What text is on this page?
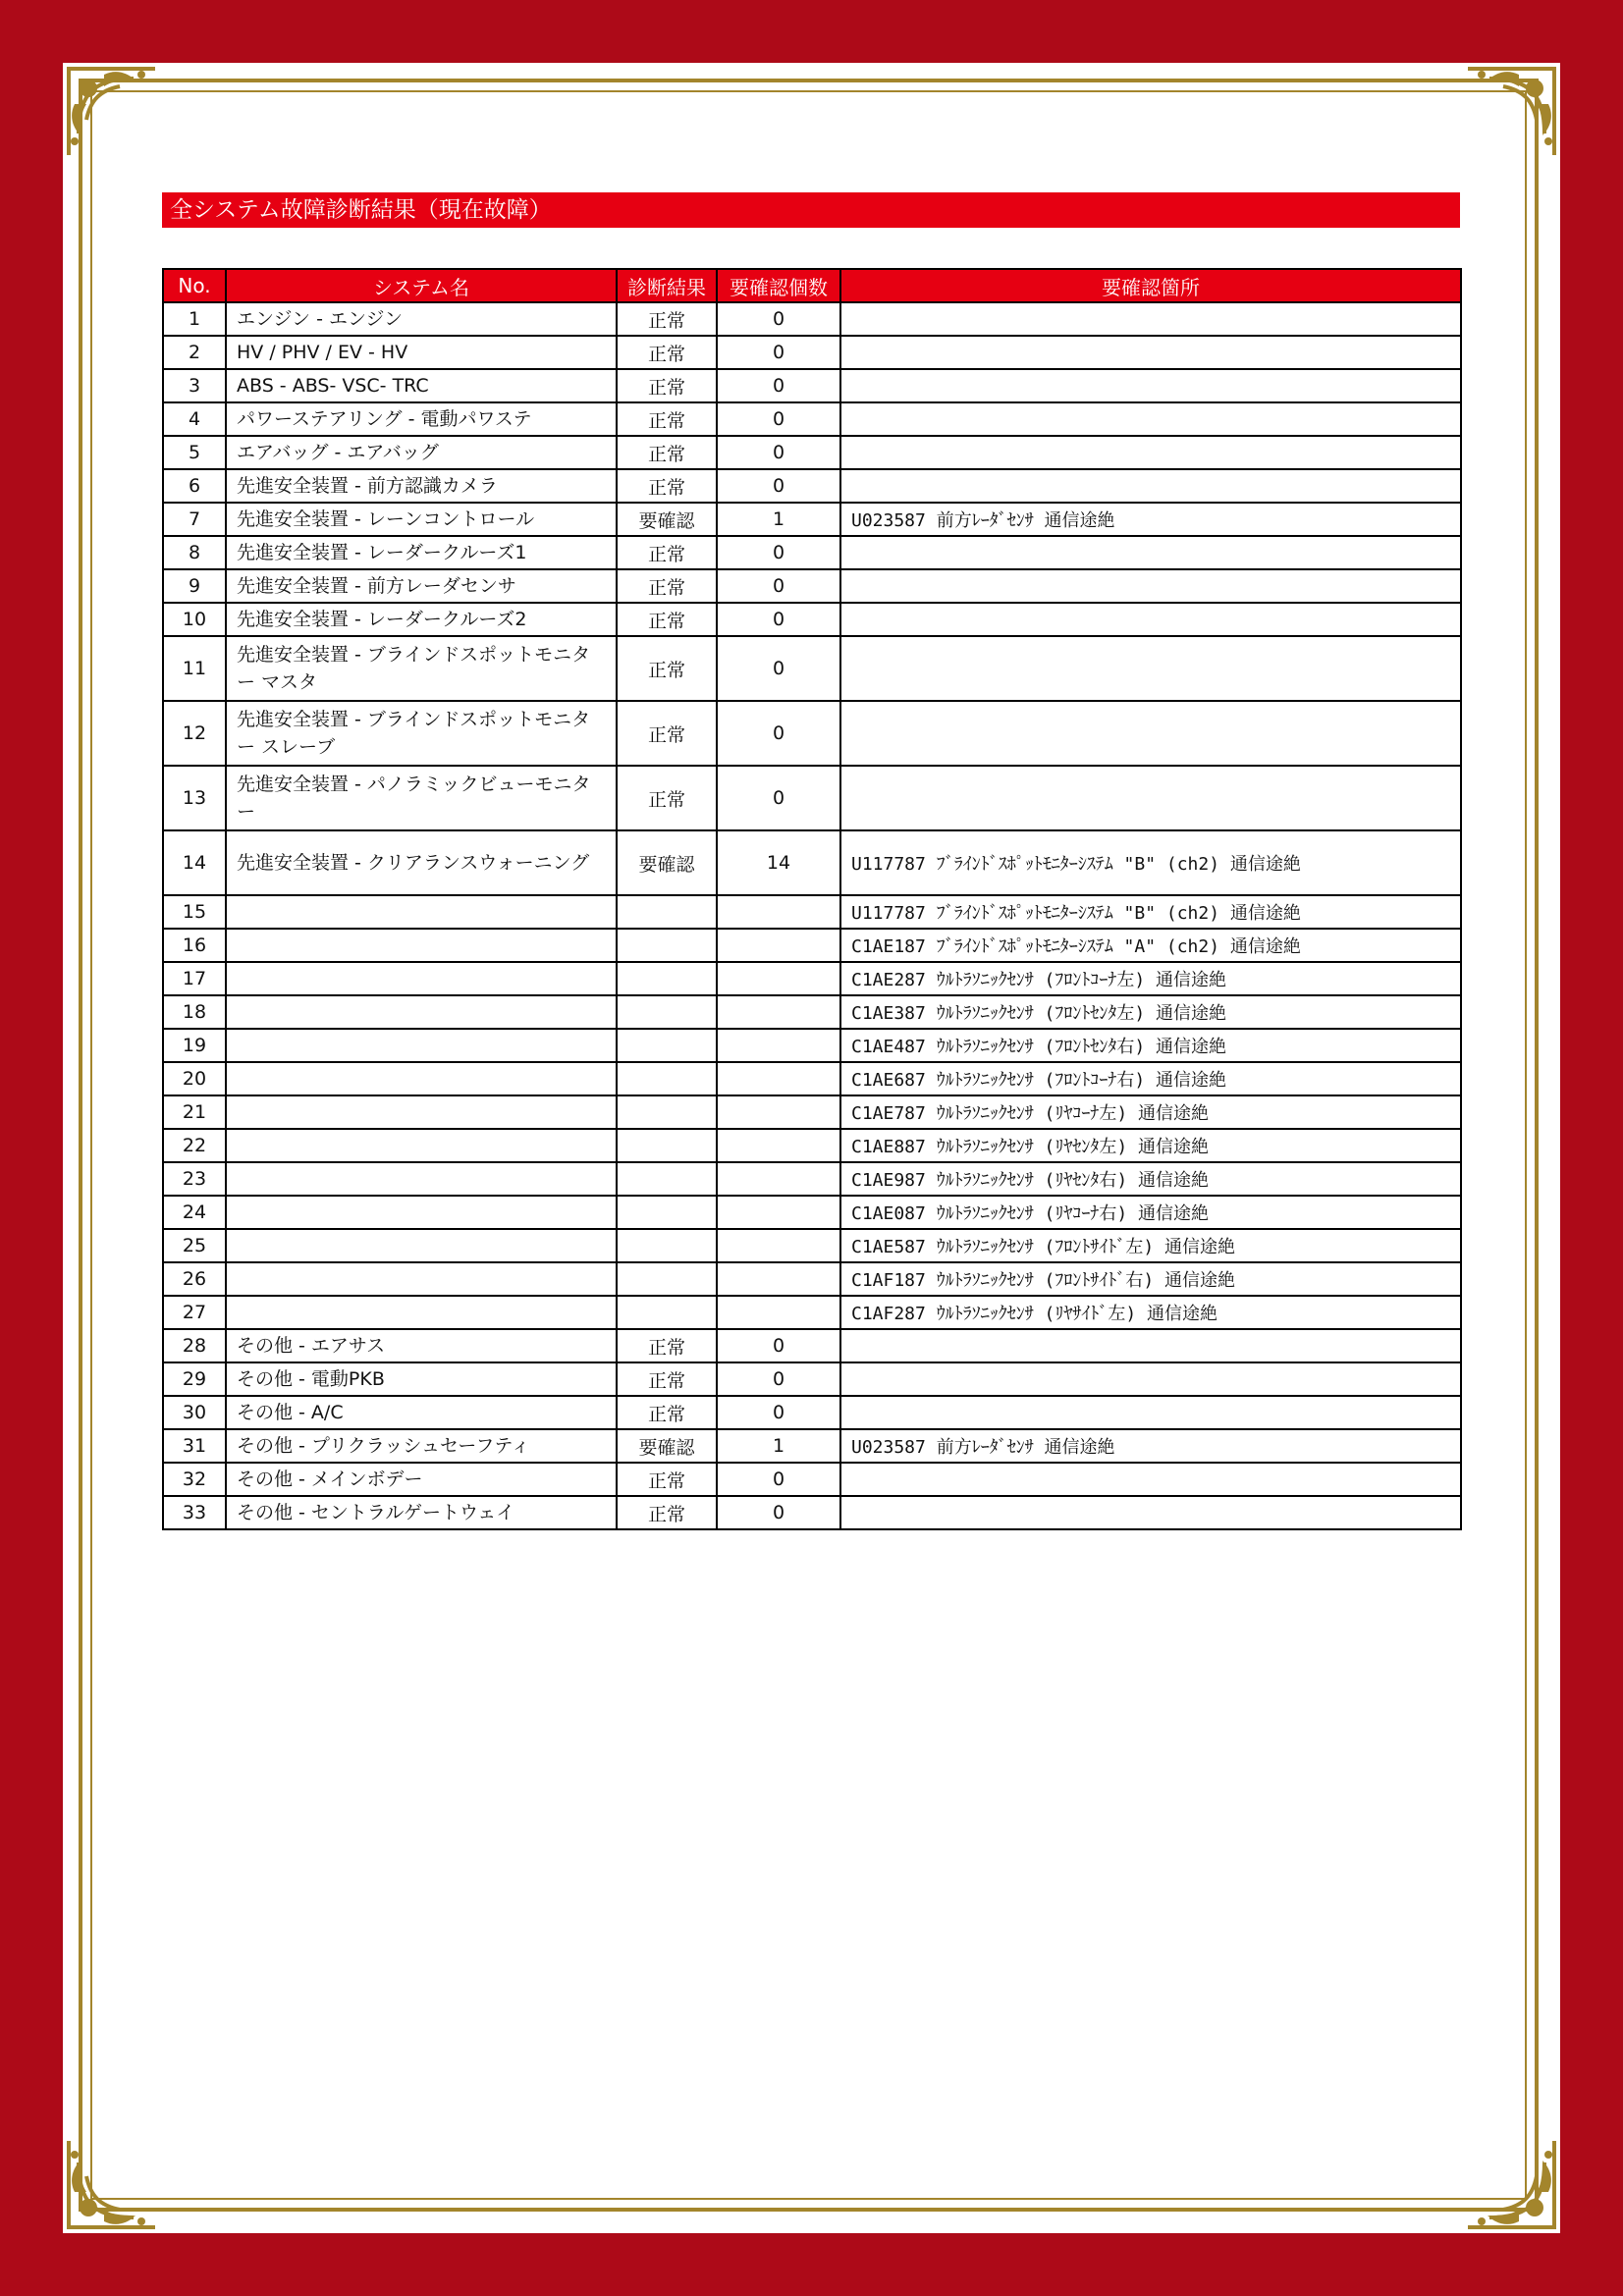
全システム故障診断結果（現在故障）
No.	システム名	診断結果	要確認個数	要確認箇所
1	エンジン - エンジン	正常	0	
2	HV / PHV / EV - HV	正常	0	
3	ABS - ABS- VSC- TRC	正常	0	
4	パワーステアリング - 電動パワステ	正常	0	
5	エアバッグ - エアバッグ	正常	0	
6	先進安全装置 - 前方認識カメラ	正常	0	
7	先進安全装置 - レーンコントロール	要確認	1	U023587 前方ﾚｰﾀﾞｾﾝｻ 通信途絶
8	先進安全装置 - レーダークルーズ1	正常	0	
9	先進安全装置 - 前方レーダセンサ	正常	0	
10	先進安全装置 - レーダークルーズ2	正常	0	
11	先進安全装置 - ブラインドスポットモニター マスタ	正常	0	
12	先進安全装置 - ブラインドスポットモニター スレーブ	正常	0	
13	先進安全装置 - パノラミックビューモニター	正常	0	
14	先進安全装置 - クリアランスウォーニング	要確認	14	U117787 ﾌﾞﾗｲﾝﾄﾞｽﾎﾟｯﾄﾓﾆﾀｰｼｽﾃﾑ "B" (ch2) 通信途絶
15				U117787 ﾌﾞﾗｲﾝﾄﾞｽﾎﾟｯﾄﾓﾆﾀｰｼｽﾃﾑ "B" (ch2) 通信途絶
16				C1AE187 ﾌﾞﾗｲﾝﾄﾞｽﾎﾟｯﾄﾓﾆﾀｰｼｽﾃﾑ "A" (ch2) 通信途絶
17				C1AE287 ｳﾙﾄﾗｿﾆｯｸｾﾝｻ (ﾌﾛﾝﾄｺｰﾅ左) 通信途絶
18				C1AE387 ｳﾙﾄﾗｿﾆｯｸｾﾝｻ (ﾌﾛﾝﾄｾﾝﾀ左) 通信途絶
19				C1AE487 ｳﾙﾄﾗｿﾆｯｸｾﾝｻ (ﾌﾛﾝﾄｾﾝﾀ右) 通信途絶
20				C1AE687 ｳﾙﾄﾗｿﾆｯｸｾﾝｻ (ﾌﾛﾝﾄｺｰﾅ右) 通信途絶
21				C1AE787 ｳﾙﾄﾗｿﾆｯｸｾﾝｻ (ﾘﾔｺｰﾅ左) 通信途絶
22				C1AE887 ｳﾙﾄﾗｿﾆｯｸｾﾝｻ (ﾘﾔｾﾝﾀ左) 通信途絶
23				C1AE987 ｳﾙﾄﾗｿﾆｯｸｾﾝｻ (ﾘﾔｾﾝﾀ右) 通信途絶
24				C1AE087 ｳﾙﾄﾗｿﾆｯｸｾﾝｻ (ﾘﾔｺｰﾅ右) 通信途絶
25				C1AE587 ｳﾙﾄﾗｿﾆｯｸｾﾝｻ (ﾌﾛﾝﾄｻｲﾄﾞ左) 通信途絶
26				C1AF187 ｳﾙﾄﾗｿﾆｯｸｾﾝｻ (ﾌﾛﾝﾄｻｲﾄﾞ右) 通信途絶
27				C1AF287 ｳﾙﾄﾗｿﾆｯｸｾﾝｻ (ﾘﾔｻｲﾄﾞ左) 通信途絶
28	その他 - エアサス	正常	0	
29	その他 - 電動PKB	正常	0	
30	その他 - A/C	正常	0	
31	その他 - プリクラッシュセーフティ	要確認	1	U023587 前方ﾚｰﾀﾞｾﾝｻ 通信途絶
32	その他 - メインボデー	正常	0	
33	その他 - セントラルゲートウェイ	正常	0	
